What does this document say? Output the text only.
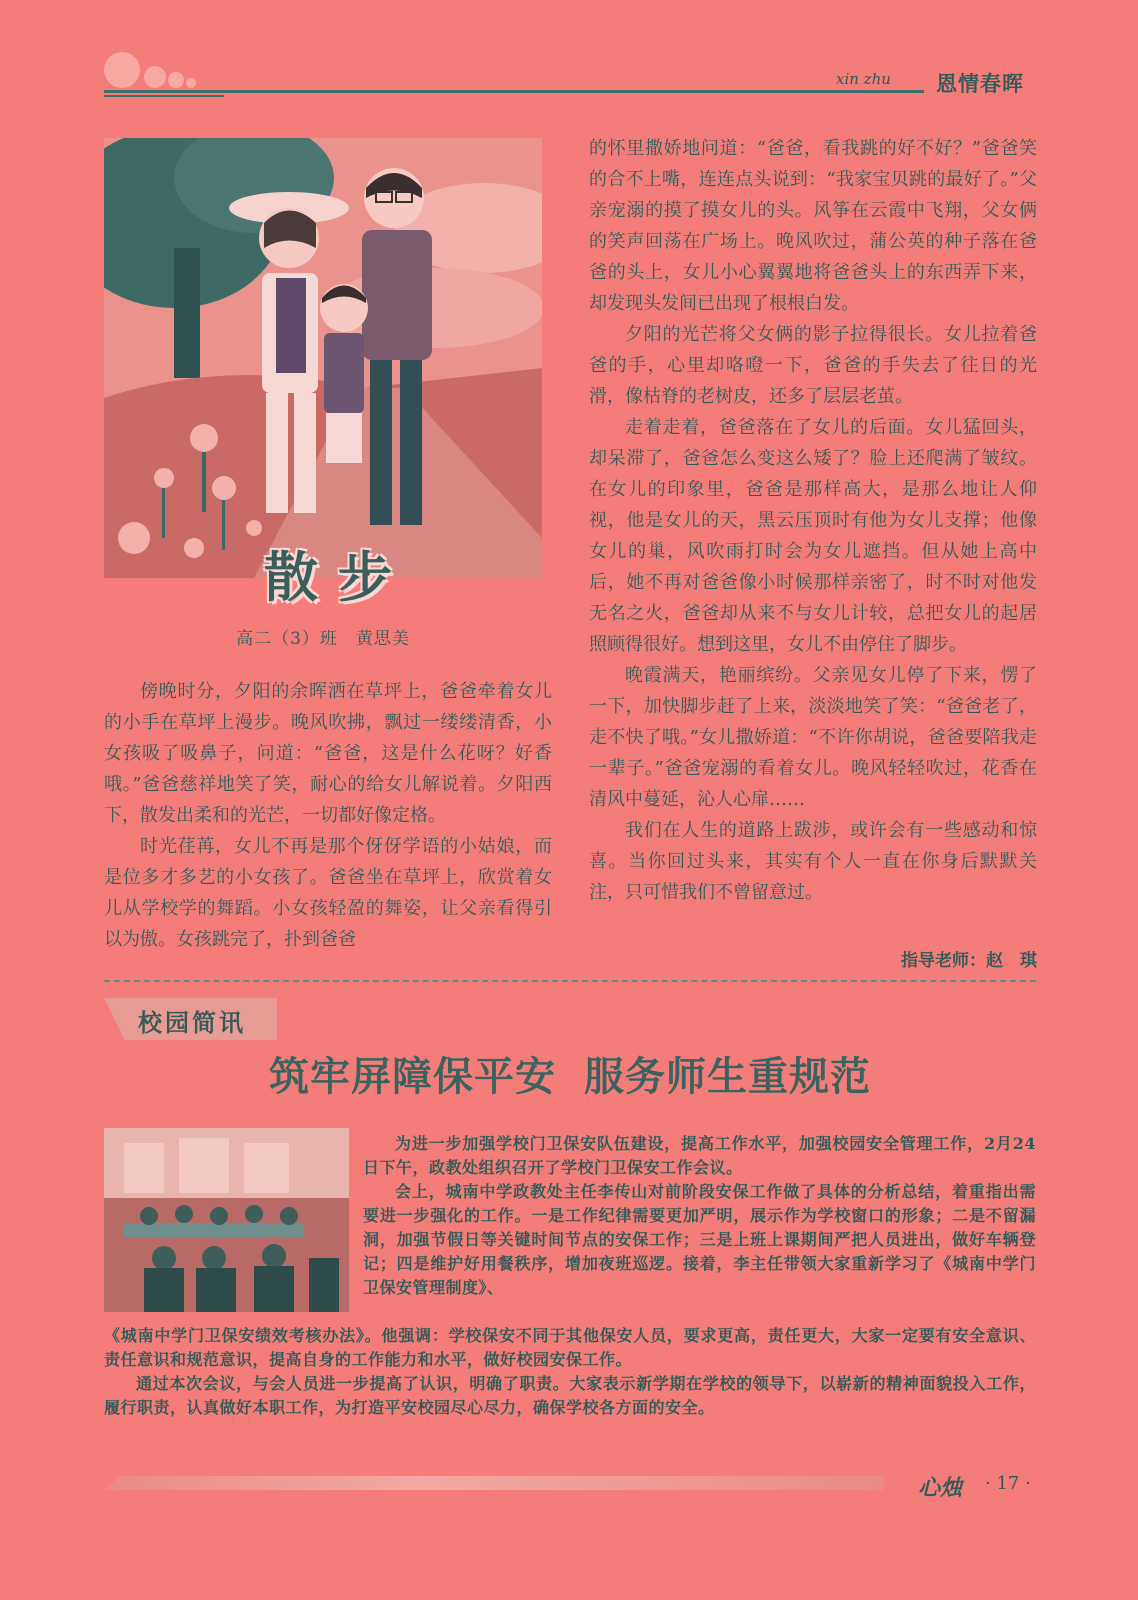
xin zhu 恩情春晖
散步
高二（3）班　黄思美

傍晚时分，夕阳的余晖洒在草坪上，爸爸牵着女儿的小手在草坪上漫步。晚风吹拂，飘过一缕缕清香，小女孩吸了吸鼻子，问道：“爸爸，这是什么花呀？好香哦。”爸爸慈祥地笑了笑，耐心的给女儿解说着。夕阳西下，散发出柔和的光芒，一切都好像定格。

时光荏苒，女儿不再是那个伢伢学语的小姑娘，而是位多才多艺的小女孩了。爸爸坐在草坪上，欣赏着女儿从学校学的舞蹈。小女孩轻盈的舞姿，让父亲看得引以为傲。女孩跳完了，扑到爸爸

的怀里撒娇地问道：“爸爸，看我跳的好不好？”爸爸笑的合不上嘴，连连点头说到：“我家宝贝跳的最好了。”父亲宠溺的摸了摸女儿的头。风筝在云霞中飞翔，父女俩的笑声回荡在广场上。晚风吹过，蒲公英的种子落在爸爸的头上，女儿小心翼翼地将爸爸头上的东西弄下来，却发现头发间已出现了根根白发。

夕阳的光芒将父女俩的影子拉得很长。女儿拉着爸爸的手，心里却咯噔一下，爸爸的手失去了往日的光滑，像枯脊的老树皮，还多了层层老茧。

走着走着，爸爸落在了女儿的后面。女儿猛回头，却呆滞了，爸爸怎么变这么矮了？脸上还爬满了皱纹。在女儿的印象里，爸爸是那样高大，是那么地让人仰视，他是女儿的天，黑云压顶时有他为女儿支撑；他像女儿的巢，风吹雨打时会为女儿遮挡。但从她上高中后，她不再对爸爸像小时候那样亲密了，时不时对他发无名之火，爸爸却从来不与女儿计较，总把女儿的起居照顾得很好。想到这里，女儿不由停住了脚步。

晚霞满天，艳丽缤纷。父亲见女儿停了下来，愣了一下，加快脚步赶了上来，淡淡地笑了笑：“爸爸老了，走不快了哦。”女儿撒娇道：“不许你胡说，爸爸要陪我走一辈子。”爸爸宠溺的看着女儿。晚风轻轻吹过，花香在清风中蔓延，沁人心扉……

我们在人生的道路上跋涉，或许会有一些感动和惊喜。当你回过头来，其实有个人一直在你身后默默关注，只可惜我们不曾留意过。

指导老师：赵　琪
校园简讯
筑牢屏障保平安 服务师生重规范

为进一步加强学校门卫保安队伍建设，提高工作水平，加强校园安全管理工作，2月24日下午，政教处组织召开了学校门卫保安工作会议。

会上，城南中学政教处主任李传山对前阶段安保工作做了具体的分析总结，着重指出需要进一步强化的工作。一是工作纪律需要更加严明，展示作为学校窗口的形象；二是不留漏洞，加强节假日等关键时间节点的安保工作；三是上班上课期间严把人员进出，做好车辆登记；四是维护好用餐秩序，增加夜班巡逻。接着，李主任带领大家重新学习了《城南中学门卫保安管理制度》、

《城南中学门卫保安绩效考核办法》。他强调：学校保安不同于其他保安人员，要求更高，责任更大，大家一定要有安全意识、责任意识和规范意识，提高自身的工作能力和水平，做好校园安保工作。

通过本次会议，与会人员进一步提高了认识，明确了职责。大家表示新学期在学校的领导下，以崭新的精神面貌投入工作，履行职责，认真做好本职工作，为打造平安校园尽心尽力，确保学校各方面的安全。

心烛 · 17 ·
